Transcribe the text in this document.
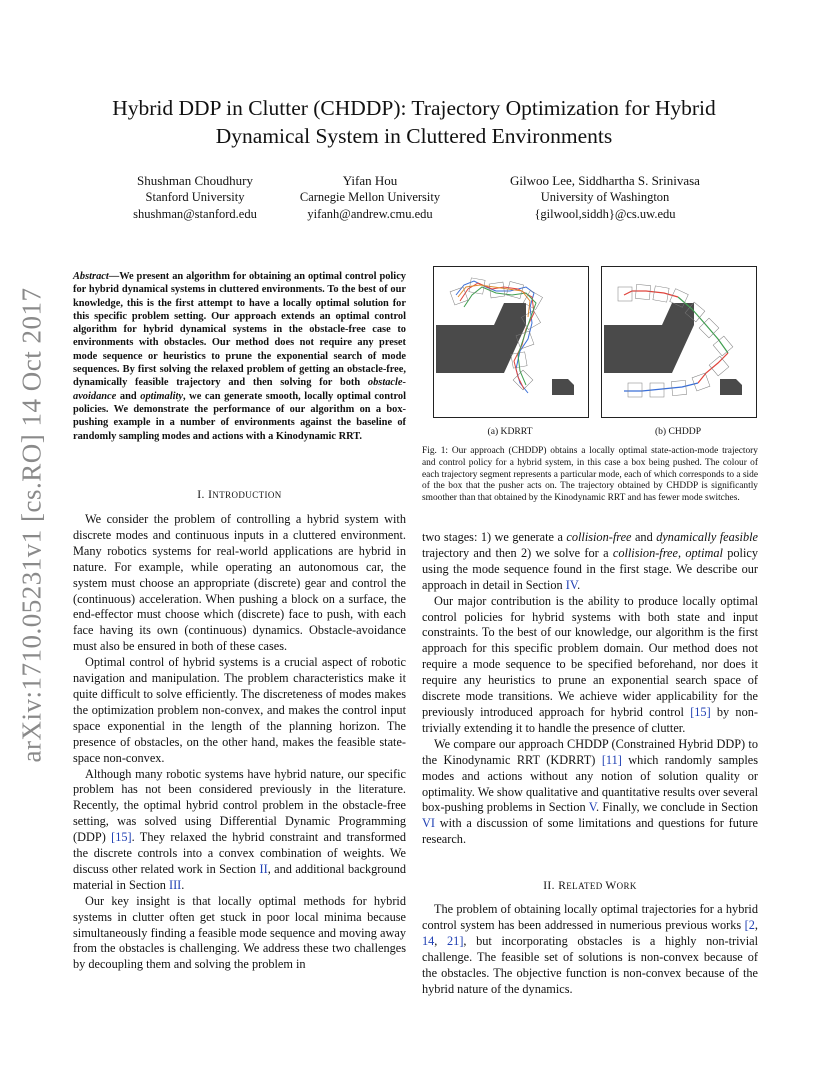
arXiv:1710.05231v1 [cs.RO] 14 Oct 2017
Hybrid DDP in Clutter (CHDDP): Trajectory Optimization for Hybrid
Dynamical System in Cluttered Environments
Shushman Choudhury
Stanford University
shushman@stanford.edu
Yifan Hou
Carnegie Mellon University
yifanh@andrew.cmu.edu
Gilwoo Lee, Siddhartha S. Srinivasa
University of Washington
{gilwool,siddh}@cs.uw.edu
Abstract—We present an algorithm for obtaining an optimal control policy for hybrid dynamical systems in cluttered environments. To the best of our knowledge, this is the first attempt to have a locally optimal solution for this specific problem setting. Our approach extends an optimal control algorithm for hybrid dynamical systems in the obstacle-free case to environments with obstacles. Our method does not require any preset mode sequence or heuristics to prune the exponential search of mode sequences. By first solving the relaxed problem of getting an obstacle-free, dynamically feasible trajectory and then solving for both obstacle-avoidance and optimality, we can generate smooth, locally optimal control policies. We demonstrate the performance of our algorithm on a box-pushing example in a number of environments against the baseline of randomly sampling modes and actions with a Kinodynamic RRT.
I. INTRODUCTION
We consider the problem of controlling a hybrid system with discrete modes and continuous inputs in a cluttered environment. Many robotics systems for real-world applications are hybrid in nature. For example, while operating an autonomous car, the system must choose an appropriate (discrete) gear and control the (continuous) acceleration. When pushing a block on a surface, the end-effector must choose which (discrete) face to push, with each face having its own (continuous) dynamics. Obstacle-avoidance must also be ensured in both of these cases.
Optimal control of hybrid systems is a crucial aspect of robotic navigation and manipulation. The problem characteristics make it quite difficult to solve efficiently. The discreteness of modes makes the optimization problem non-convex, and makes the control input space exponential in the length of the planning horizon. The presence of obstacles, on the other hand, makes the feasible state-space non-convex.
Although many robotic systems have hybrid nature, our specific problem has not been considered previously in the literature. Recently, the optimal hybrid control problem in the obstacle-free setting, was solved using Differential Dynamic Programming (DDP) [15]. They relaxed the hybrid constraint and transformed the discrete controls into a convex combination of weights. We discuss other related work in Section II, and additional background material in Section III.
Our key insight is that locally optimal methods for hybrid systems in clutter often get stuck in poor local minima because simultaneously finding a feasible mode sequence and moving away from the obstacles is challenging. We address these two challenges by decoupling them and solving the problem in
(a) KDRRT	(b) CHDDP
Fig. 1: Our approach (CHDDP) obtains a locally optimal state-action-mode trajectory and control policy for a hybrid system, in this case a box being pushed. The colour of each trajectory segment represents a particular mode, each of which corresponds to a side of the box that the pusher acts on. The trajectory obtained by CHDDP is significantly smoother than that obtained by the Kinodynamic RRT and has fewer mode switches.
two stages: 1) we generate a collision-free and dynamically feasible trajectory and then 2) we solve for a collision-free, optimal policy using the mode sequence found in the first stage. We describe our approach in detail in Section IV.
Our major contribution is the ability to produce locally optimal control policies for hybrid systems with both state and input constraints. To the best of our knowledge, our algorithm is the first approach for this specific problem domain. Our method does not require a mode sequence to be specified beforehand, nor does it require any heuristics to prune an exponential search space of discrete mode transitions. We achieve wider applicability for the previously introduced approach for hybrid control [15] by non-trivially extending it to handle the presence of clutter.
We compare our approach CHDDP (Constrained Hybrid DDP) to the Kinodynamic RRT (KDRRT) [11] which randomly samples modes and actions without any notion of solution quality or optimality. We show qualitative and quantitative results over several box-pushing problems in Section V. Finally, we conclude in Section VI with a discussion of some limitations and questions for future research.
II. RELATED WORK
The problem of obtaining locally optimal trajectories for a hybrid control system has been addressed in numerious previous works [2, 14, 21], but incorporating obstacles is a highly non-trivial challenge. The feasible set of solutions is non-convex because of the obstacles. The objective function is non-convex because of the hybrid nature of the dynamics.
